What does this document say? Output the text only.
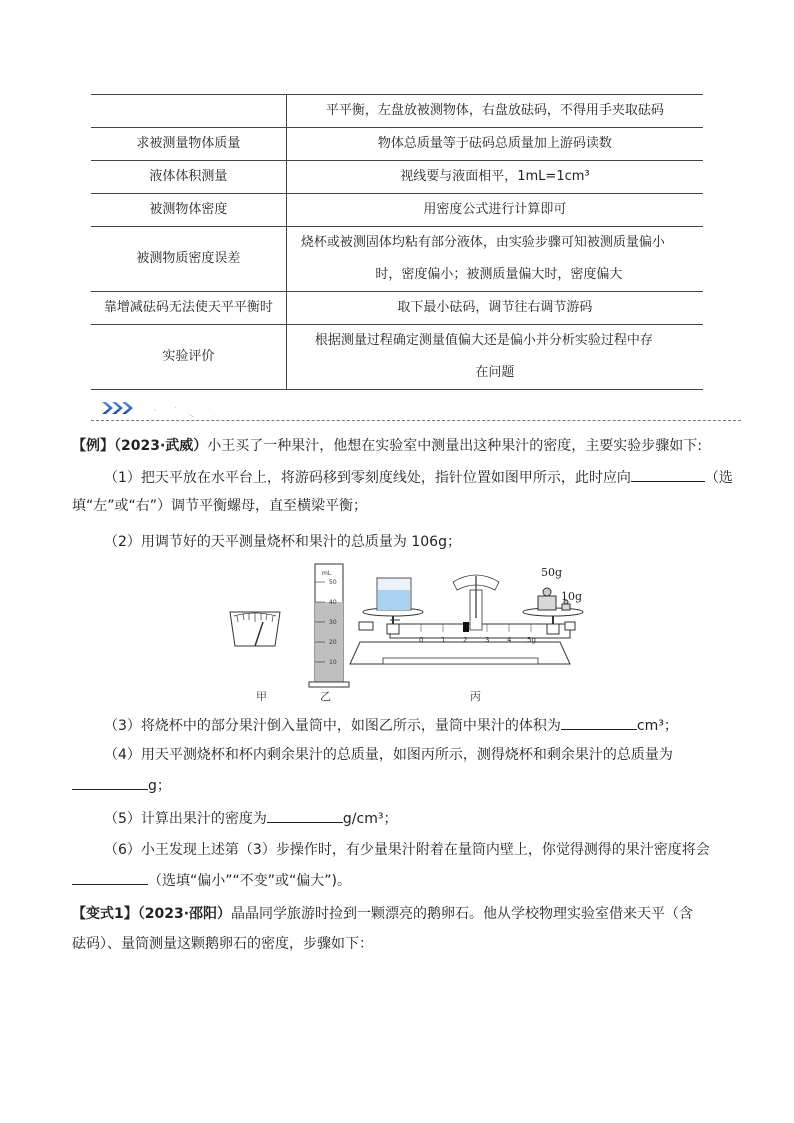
	平平衡，左盘放被测物体，右盘放砝码，不得用手夹取砝码
求被测量物体质量	物体总质量等于砝码总质量加上游码读数
液体体积测量	视线要与液面相平，1mL=1cm³
被测物体密度	用密度公式进行计算即可
被测物质密度误差	烧杯或被测固体均粘有部分液体，由实验步骤可知被测质量偏小
时，密度偏小；被测质量偏大时，密度偏大

靠增减砝码无法使天平平衡时	取下最小砝码，调节往右调节游码
实验评价	根据测量过程确定测量值偏大还是偏小并分析实验过程中存
在问题
举一反三
【例】（2023·武威）小王买了一种果汁，他想在实验室中测量出这种果汁的密度，主要实验步骤如下:
（1）把天平放在水平台上，将游码移到零刻度线处，指针位置如图甲所示，此时应向	（选
填“左”或“右”）调节平衡螺母，直至横梁平衡；
（2）用调节好的天平测量烧杯和果汁的总质量为 106g；
mL
50
40
30
20
10
0	1	2	3	4 5g
50g
10g
甲	乙	丙
（3）将烧杯中的部分果汁倒入量筒中，如图乙所示，量筒中果汁的体积为	cm³；
（4）用天平测烧杯和杯内剩余果汁的总质量，如图丙所示，测得烧杯和剩余果汁的总质量为
g；
（5）计算出果汁的密度为	g/cm³；
（6）小王发现上述第（3）步操作时，有少量果汁附着在量筒内壁上，你觉得测得的果汁密度将会
（选填“偏小”“不变”或“偏大”)。
【变式1】（2023·邵阳）晶晶同学旅游时捡到一颗漂亮的鹅卵石。他从学校物理实验室借来天平（含
砝码）、量筒测量这颗鹅卵石的密度，步骤如下：
